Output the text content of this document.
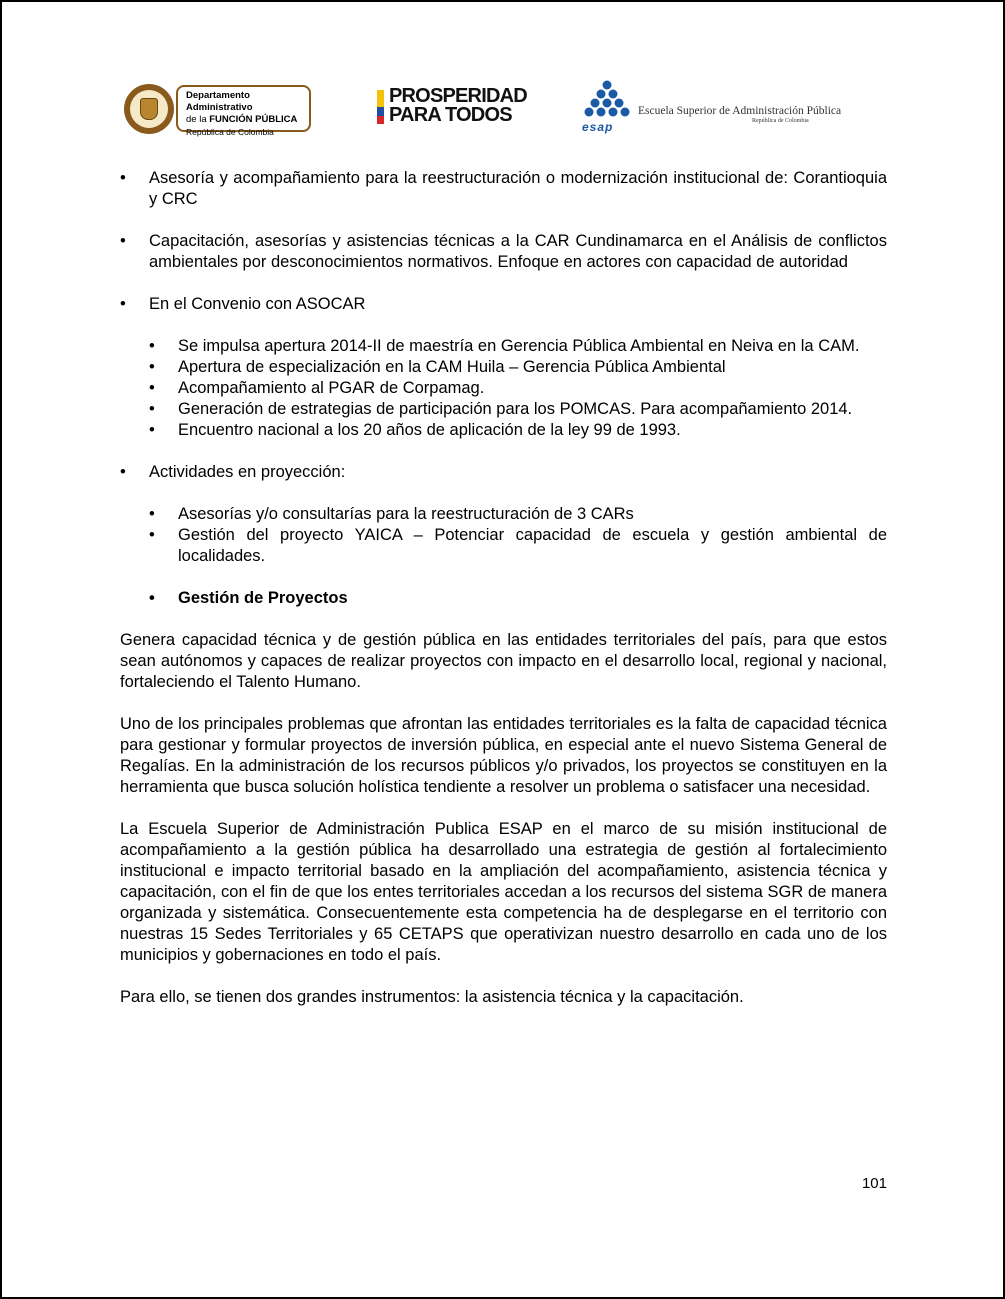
Departamento Administrativo
de la FUNCIÓN PÚBLICA
República de Colombia
PROSPERIDAD
PARA TODOS
esap
Escuela Superior de Administración Pública
República de Colombia
• Asesoría y acompañamiento para la reestructuración o modernización institucional de: Corantioquia y CRC
• Capacitación, asesorías y asistencias técnicas a la CAR Cundinamarca en el Análisis de conflictos ambientales por desconocimientos normativos. Enfoque en actores con capacidad de autoridad
• En el Convenio con ASOCAR
• Se impulsa apertura 2014-II de maestría en Gerencia Pública Ambiental en Neiva en la CAM.
• Apertura de especialización en la CAM Huila – Gerencia Pública Ambiental
• Acompañamiento al PGAR de Corpamag.
• Generación de estrategias de participación para los POMCAS. Para acompañamiento 2014.
• Encuentro nacional a los 20 años de aplicación de la ley 99 de 1993.
• Actividades en proyección:
• Asesorías y/o consultarías para la reestructuración de 3 CARs
• Gestión del proyecto YAICA – Potenciar capacidad de escuela y gestión ambiental de localidades.
• Gestión de Proyectos

Genera capacidad técnica y de gestión pública en las entidades territoriales del país, para que estos sean autónomos y capaces de realizar proyectos con impacto en el desarrollo local, regional y nacional, fortaleciendo el Talento Humano.

Uno de los principales problemas que afrontan las entidades territoriales es la falta de capacidad técnica para gestionar y formular proyectos de inversión pública, en especial ante el nuevo Sistema General de Regalías. En la administración de los recursos públicos y/o privados, los proyectos se constituyen en la herramienta que busca solución holística tendiente a resolver un problema o satisfacer una necesidad.

La Escuela Superior de Administración Publica ESAP en el marco de su misión institucional de acompañamiento a la gestión pública ha desarrollado una estrategia de gestión al fortalecimiento institucional e impacto territorial basado en la ampliación del acompañamiento, asistencia técnica y capacitación, con el fin de que los entes territoriales accedan a los recursos del sistema SGR de manera organizada y sistemática. Consecuentemente esta competencia ha de desplegarse en el territorio con nuestras 15 Sedes Territoriales y 65 CETAPS que operativizan nuestro desarrollo en cada uno de los municipios y gobernaciones en todo el país.

Para ello, se tienen dos grandes instrumentos: la asistencia técnica y la capacitación.

101
